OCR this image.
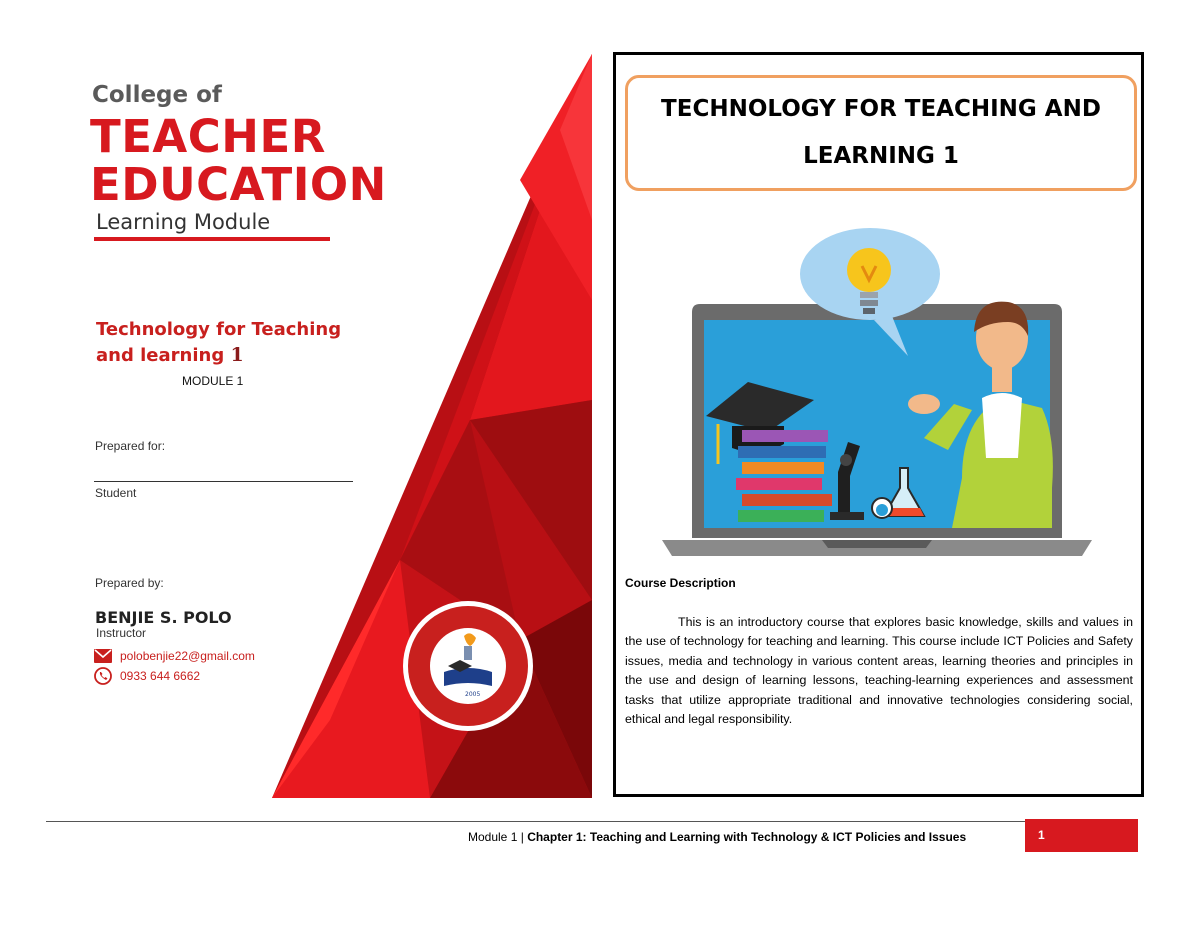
2005
College of
TEACHER
EDUCATION
Learning Module
Technology for Teaching
and learning 1
MODULE 1
Prepared for:
Student
Prepared by:
BENJIE S. POLO
Instructor
polobenjie22@gmail.com
0933 644 6662
TECHNOLOGY FOR TEACHING AND LEARNING 1
Course Description

This is an introductory course that explores basic knowledge, skills and values in the use of technology for teaching and learning. This course include ICT Policies and Safety issues, media and technology in various content areas, learning theories and principles in the use and design of learning lessons, teaching-learning experiences and assessment tasks that utilize appropriate traditional and innovative technologies considering social, ethical and legal responsibility.

Module 1 | Chapter 1: Teaching and Learning with Technology & ICT Policies and Issues	1
